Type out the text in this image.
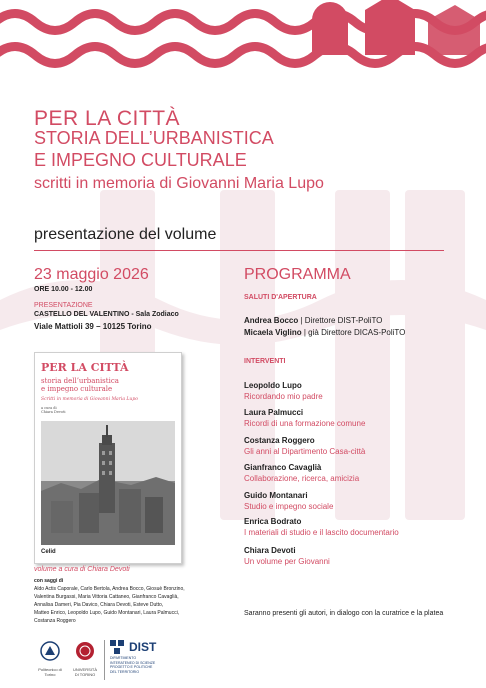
PER LA CITTÀ
STORIA DELL’URBANISTICA
E IMPEGNO CULTURALE
scritti in memoria di Giovanni Maria Lupo
presentazione del volume
23 maggio 2026
ORE 10.00 - 12.00
PRESENTAZIONE
CASTELLO DEL VALENTINO - Sala Zodiaco
Viale Mattioli 39 – 10125 Torino
PER LA CITTÀ
storia dell’urbanistica
e impegno culturale
Scritti in memoria di Giovanni Maria Lupo
a cura di
Chiara Devoti
Celid
volume a cura di Chiara Devoti
con saggi di
Aldo Actis Caporale, Carlo Bertola, Andrea Bocco, Giosuè Bronzino,
Valentina Burgassi, Maria Vittoria Cattaneo, Gianfranco Cavaglià,
Annalisa Dameri, Pia Davico, Chiara Devoti, Esteve Dutto,
Matteo Enrico, Leopoldo Lupo, Guido Montanari, Laura Palmucci,
Costanza Roggero
PROGRAMMA
SALUTI D'APERTURA
Andrea Bocco | Direttore DIST-PoliTO
Micaela Viglino | già Direttore DICAS-PoliTO
INTERVENTI
Leopoldo Lupo
Ricordando mio padre
Laura Palmucci
Ricordi di una formazione comune
Costanza Roggero
Gli anni al Dipartimento Casa-città
Gianfranco Cavaglià
Collaborazione, ricerca, amicizia
Guido Montanari
Studio e impegno sociale
Enrica Bodrato
I materiali di studio e il lascito documentario
Chiara Devoti
Un volume per Giovanni
Saranno presenti gli autori, in dialogo con la curatrice e la platea
Politecnico di Torino
UNIVERSITÀ
DI TORINO
DIST
DIPARTIMENTO
INTERATENEO DI SCIENZE
PROGETTO E POLITICHE
DEL TERRITORIO
